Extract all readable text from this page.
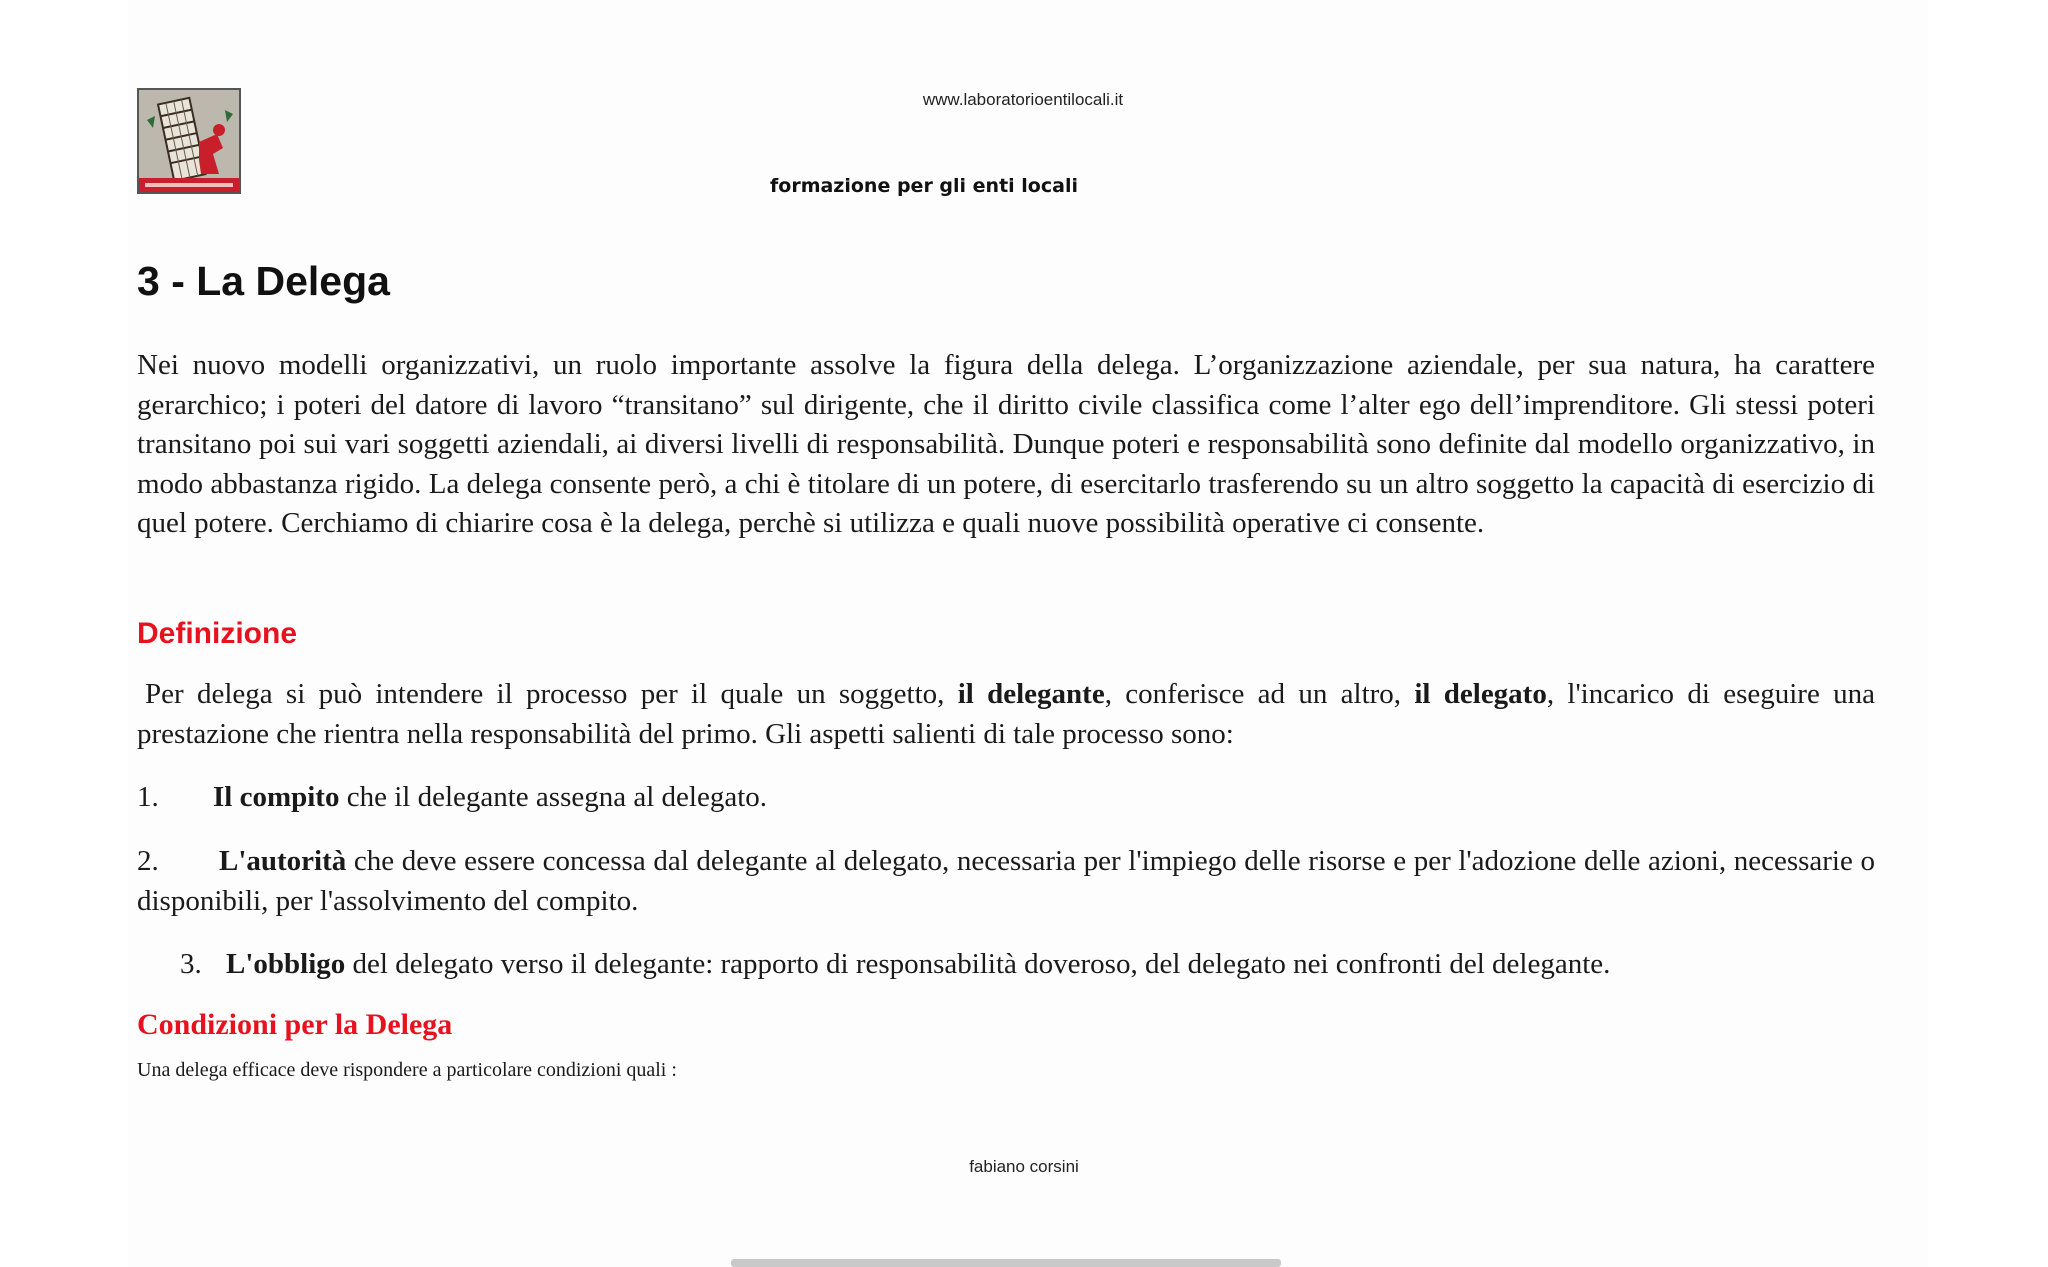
www.laboratorioentilocali.it
formazione per gli enti locali
3 - La Delega

Nei nuovo modelli organizzativi, un ruolo importante assolve la figura della delega. L’organizzazione aziendale, per sua natura, ha carattere gerarchico; i poteri del datore di lavoro “transitano” sul dirigente, che il diritto civile classifica come l’alter ego dell’imprenditore. Gli stessi poteri transitano poi sui vari soggetti aziendali, ai diversi livelli di responsabilità. Dunque poteri e responsabilità sono definite dal modello organizzativo, in modo abbastanza rigido. La delega consente però, a chi è titolare di un potere, di esercitarlo trasferendo su un altro soggetto la capacità di esercizio di quel potere. Cerchiamo di chiarire cosa è la delega, perchè si utilizza e quali nuove possibilità operative ci consente.

Definizione

Per delega si può intendere il processo per il quale un soggetto, il delegante, conferisce ad un altro, il delegato, l'incarico di eseguire una prestazione che rientra nella responsabilità del primo. Gli aspetti salienti di tale processo sono:

1. Il compito che il delegante assegna al delegato.

2. L'autorità che deve essere concessa dal delegante al delegato, necessaria per l'impiego delle risorse e per l'adozione delle azioni, necessarie o disponibili, per l'assolvimento del compito.

3. L'obbligo del delegato verso il delegante: rapporto di responsabilità doveroso, del delegato nei confronti del delegante.

Condizioni per la Delega

Una delega efficace deve rispondere a particolare condizioni quali :

fabiano corsini
